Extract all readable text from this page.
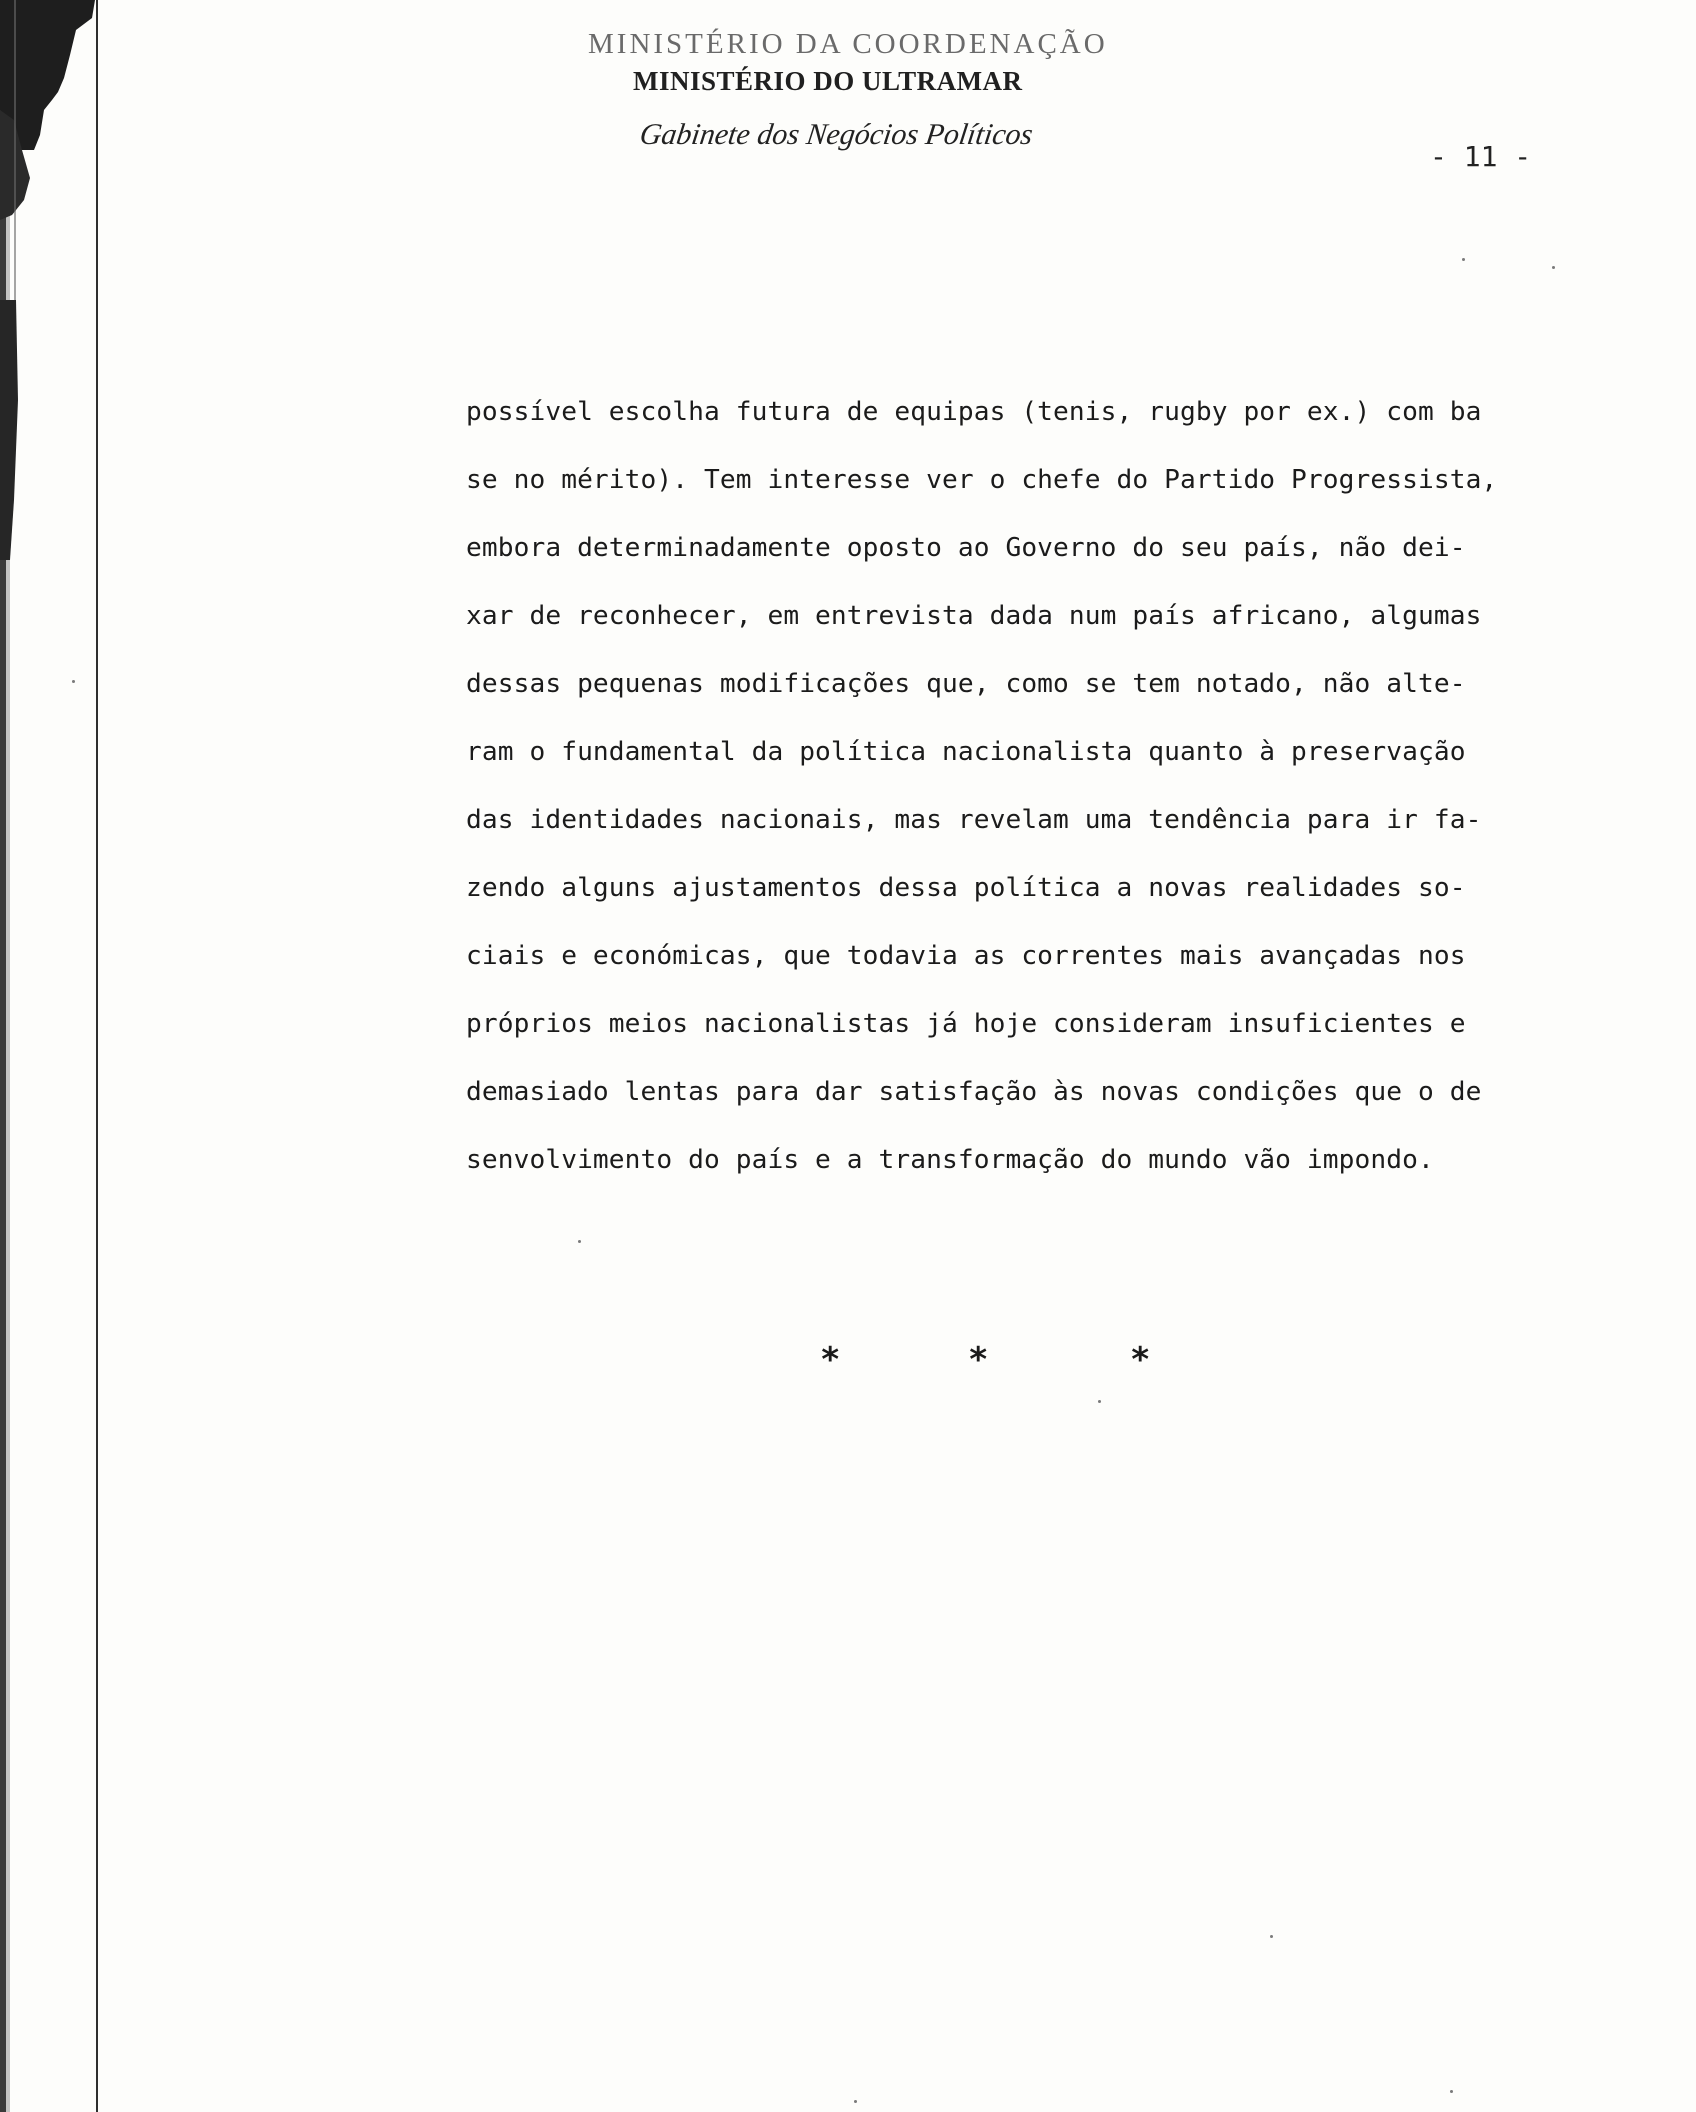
MINISTÉRIO DA COORDENAÇÃO
MINISTÉRIO DO ULTRAMAR
Gabinete dos Negócios Políticos
- 11 -
possível escolha futura de equipas (tenis, rugby por ex.) com ba
se no mérito). Tem interesse ver o chefe do Partido Progressista,
embora determinadamente oposto ao Governo do seu país, não dei-
xar de reconhecer, em entrevista dada num país africano, algumas
dessas pequenas modificações que, como se tem notado, não alte-
ram o fundamental da política nacionalista quanto à preservação
das identidades nacionais, mas revelam uma tendência para ir fa-
zendo alguns ajustamentos dessa política a novas realidades so-
ciais e económicas, que todavia as correntes mais avançadas nos
próprios meios nacionalistas já hoje consideram insuficientes e
demasiado lentas para dar satisfação às novas condições que o de
senvolvimento do país e a transformação do mundo vão impondo.
*	*	*
